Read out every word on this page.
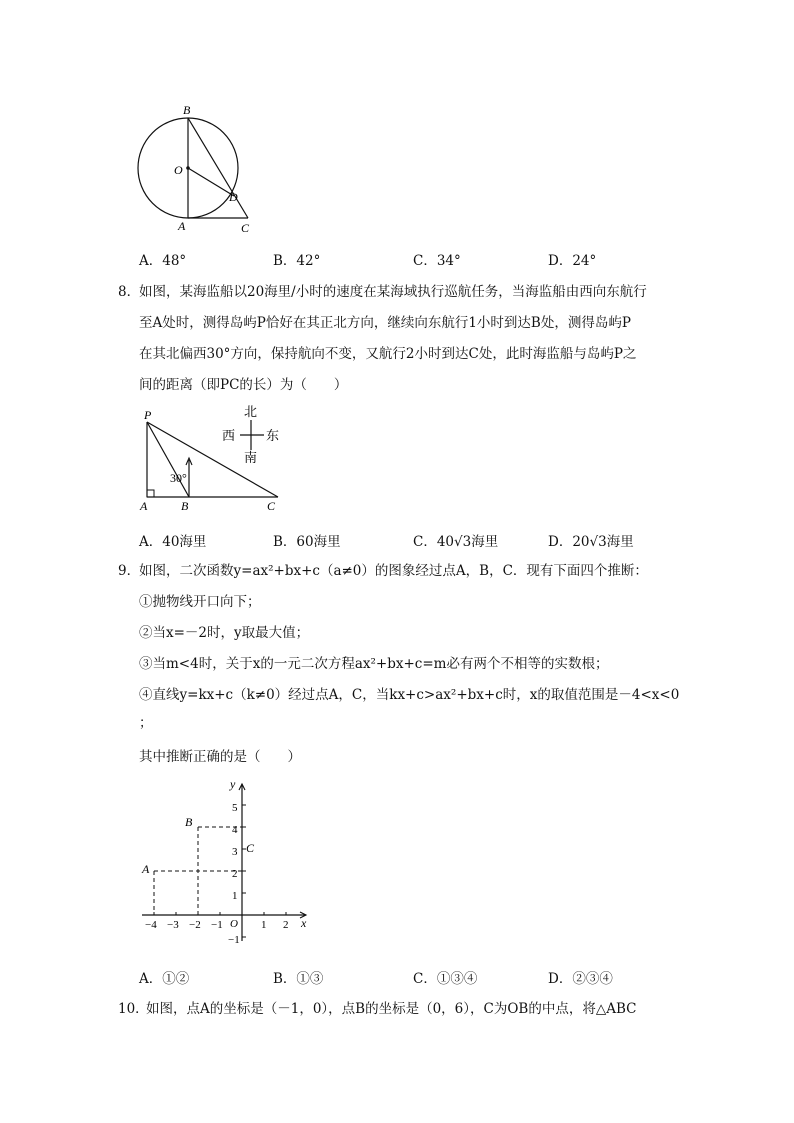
B
O
D
A	C
A．48°	B．42°	C．34°	D．24°
8．
如图，某海监船以20海里/小时的速度在某海域执行巡航任务，当海监船由西向东航行
至A处时，测得岛屿P恰好在其正北方向，继续向东航行1小时到达B处，测得岛屿P
在其北偏西30°方向，保持航向不变，又航行2小时到达C处，此时海监船与岛屿P之
间的距离（即PC的长）为（　　）
P
30°
A	B	C
北
南
西 东
A．40海里	B．60海里	C．40√3海里	D．20√3海里
9．
如图，二次函数y=ax²+bx+c（a≠0）的图象经过点A，B，C．现有下面四个推断：
①抛物线开口向下；
②当x=－2时，y取最大值；
③当m<4时，关于x的一元二次方程ax²+bx+c=m必有两个不相等的实数根；
④直线y=kx+c（k≠0）经过点A，C，当kx+c>ax²+bx+c时，x的取值范围是－4<x<0
；
其中推断正确的是（　　）
x
y
O
−4 −3 −2 −1	1 2
5
4
3
2
1
−1
A
B
C
A．①②	B．①③	C．①③④	D．②③④
10．
如图，点A的坐标是（－1，0），点B的坐标是（0，6），C为OB的中点，将△ABC
